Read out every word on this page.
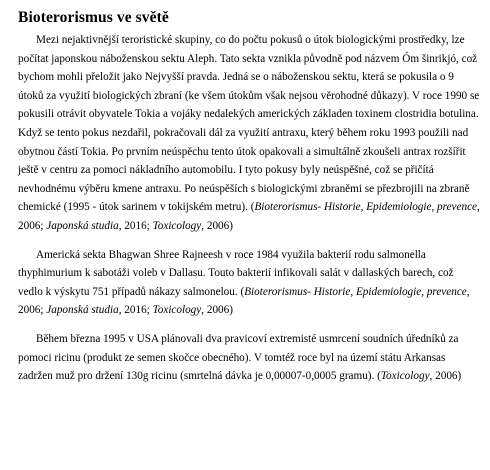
Bioterorismus ve světě

Mezi nejaktivnější teroristické skupiny, co do počtu pokusů o útok biologickými prostředky, lze počítat japonskou náboženskou sektu Aleph. Tato sekta vznikla původně pod názvem Óm šinrikjó, což bychom mohli přeložit jako Nejvyšší pravda. Jedná se o náboženskou sektu, která se pokusila o 9 útoků za využití biologických zbraní (ke všem útokům však nejsou věrohodné důkazy). V roce 1990 se pokusili otrávit obyvatele Tokia a vojáky nedalekých amerických základen toxinem clostridia botulina. Když se tento pokus nezdařil, pokračovali dál za využití antraxu, který během roku 1993 použili nad obytnou částí Tokia. Po prvním neúspěchu tento útok opakovali a simultálně zkoušeli antrax rozšířit ještě v centru za pomoci nákladního automobilu. I tyto pokusy byly neúspěšné, což se přičítá nevhodnému výběru kmene antraxu. Po neúspěších s biologickými zbraněmi se přezbrojili na zbraně chemické (1995 - útok sarinem v tokijském metru). (Bioterorismus- Historie, Epidemiologie, prevence, 2006; Japonská studia, 2016; Toxicology, 2006)

Americká sekta Bhagwan Shree Rajneesh v roce 1984 využila bakterií rodu salmonella thyphimurium k sabotáži voleb v Dallasu. Touto bakterií infikovali salát v dallaských barech, což vedlo k výskytu 751 případů nákazy salmonelou. (Bioterorismus- Historie, Epidemiologie, prevence, 2006; Japonská studia, 2016; Toxicology, 2006)

Během března 1995 v USA plánovali dva pravicoví extremisté usmrcení soudních úředníků za pomoci ricinu (produkt ze semen skočce obecného). V tomtéž roce byl na území státu Arkansas zadržen muž pro držení 130g ricinu (smrtelná dávka je 0,00007-0,0005 gramu). (Toxicology, 2006)
